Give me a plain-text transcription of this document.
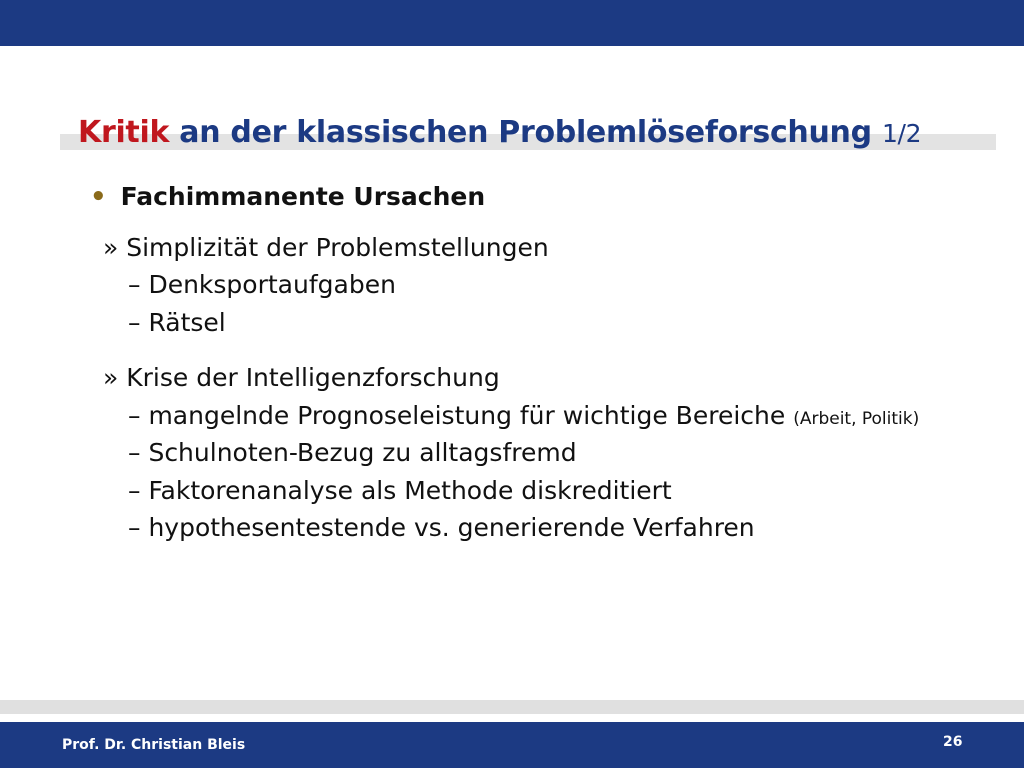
Kritik an der klassischen Problemlöseforschung 1/2
• Fachimmanente Ursachen
» Simplizität der Problemstellungen
– Denksportaufgaben
– Rätsel
» Krise der Intelligenzforschung
– mangelnde Prognoseleistung für wichtige Bereiche (Arbeit, Politik)
– Schulnoten-Bezug zu alltagsfremd
– Faktorenanalyse als Methode diskreditiert
– hypothesentestende vs. generierende Verfahren
Prof. Dr. Christian Bleis	26
